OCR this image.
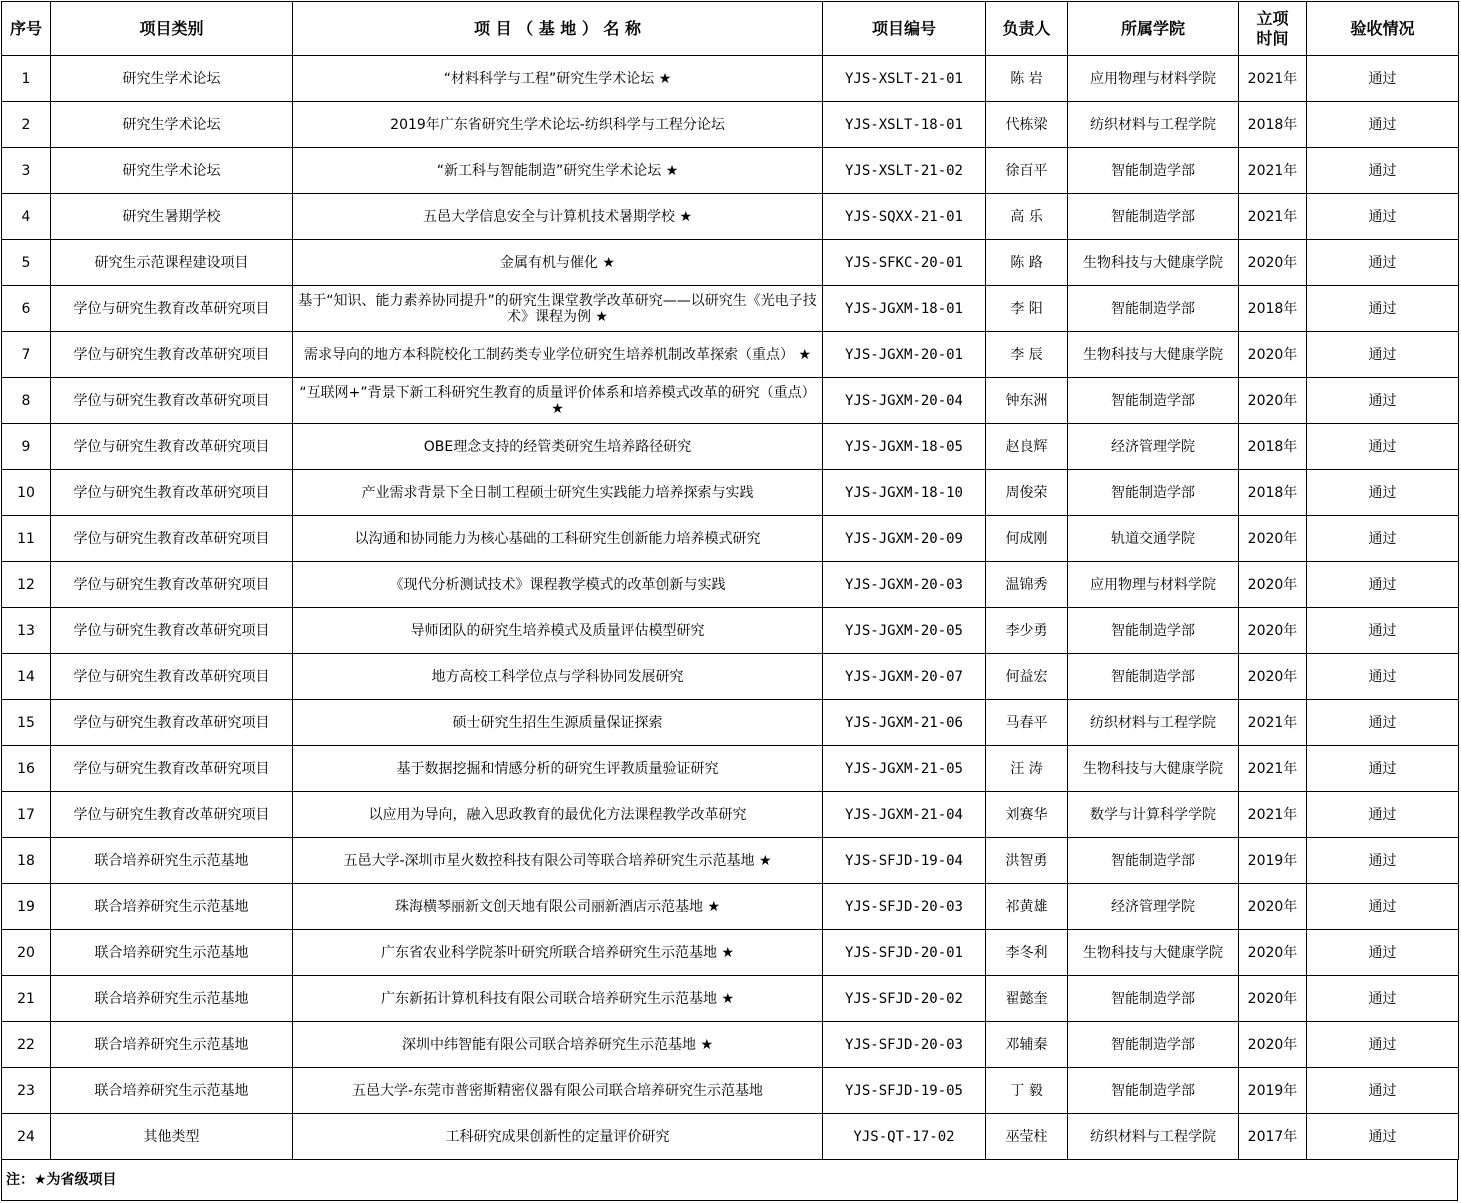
序号	项目类别	项 目 （ 基 地 ） 名 称	项目编号	负责人	所属学院	立项时间	验收情况
1	研究生学术论坛	“材料科学与工程”研究生学术论坛 ★	YJS-XSLT-21-01	陈 岩	应用物理与材料学院	2021年	通过
2	研究生学术论坛	2019年广东省研究生学术论坛-纺织科学与工程分论坛	YJS-XSLT-18-01	代栋梁	纺织材料与工程学院	2018年	通过
3	研究生学术论坛	“新工科与智能制造”研究生学术论坛 ★	YJS-XSLT-21-02	徐百平	智能制造学部	2021年	通过
4	研究生暑期学校	五邑大学信息安全与计算机技术暑期学校 ★	YJS-SQXX-21-01	高 乐	智能制造学部	2021年	通过
5	研究生示范课程建设项目	金属有机与催化 ★	YJS-SFKC-20-01	陈 路	生物科技与大健康学院	2020年	通过
6	学位与研究生教育改革研究项目	基于“知识、能力素养协同提升”的研究生课堂教学改革研究——以研究生《光电子技术》课程为例 ★	YJS-JGXM-18-01	李 阳	智能制造学部	2018年	通过
7	学位与研究生教育改革研究项目	需求导向的地方本科院校化工制药类专业学位研究生培养机制改革探索（重点） ★	YJS-JGXM-20-01	李 辰	生物科技与大健康学院	2020年	通过
8	学位与研究生教育改革研究项目	“互联网+”背景下新工科研究生教育的质量评价体系和培养模式改革的研究（重点） ★	YJS-JGXM-20-04	钟东洲	智能制造学部	2020年	通过
9	学位与研究生教育改革研究项目	OBE理念支持的经管类研究生培养路径研究	YJS-JGXM-18-05	赵良辉	经济管理学院	2018年	通过
10	学位与研究生教育改革研究项目	产业需求背景下全日制工程硕士研究生实践能力培养探索与实践	YJS-JGXM-18-10	周俊荣	智能制造学部	2018年	通过
11	学位与研究生教育改革研究项目	以沟通和协同能力为核心基础的工科研究生创新能力培养模式研究	YJS-JGXM-20-09	何成刚	轨道交通学院	2020年	通过
12	学位与研究生教育改革研究项目	《现代分析测试技术》课程教学模式的改革创新与实践	YJS-JGXM-20-03	温锦秀	应用物理与材料学院	2020年	通过
13	学位与研究生教育改革研究项目	导师团队的研究生培养模式及质量评估模型研究	YJS-JGXM-20-05	李少勇	智能制造学部	2020年	通过
14	学位与研究生教育改革研究项目	地方高校工科学位点与学科协同发展研究	YJS-JGXM-20-07	何益宏	智能制造学部	2020年	通过
15	学位与研究生教育改革研究项目	硕士研究生招生生源质量保证探索	YJS-JGXM-21-06	马春平	纺织材料与工程学院	2021年	通过
16	学位与研究生教育改革研究项目	基于数据挖掘和情感分析的研究生评教质量验证研究	YJS-JGXM-21-05	汪 涛	生物科技与大健康学院	2021年	通过
17	学位与研究生教育改革研究项目	以应用为导向，融入思政教育的最优化方法课程教学改革研究	YJS-JGXM-21-04	刘赛华	数学与计算科学学院	2021年	通过
18	联合培养研究生示范基地	五邑大学-深圳市星火数控科技有限公司等联合培养研究生示范基地 ★	YJS-SFJD-19-04	洪智勇	智能制造学部	2019年	通过
19	联合培养研究生示范基地	珠海横琴丽新文创天地有限公司丽新酒店示范基地 ★	YJS-SFJD-20-03	祁黄雄	经济管理学院	2020年	通过
20	联合培养研究生示范基地	广东省农业科学院茶叶研究所联合培养研究生示范基地 ★	YJS-SFJD-20-01	李冬利	生物科技与大健康学院	2020年	通过
21	联合培养研究生示范基地	广东新拓计算机科技有限公司联合培养研究生示范基地 ★	YJS-SFJD-20-02	翟懿奎	智能制造学部	2020年	通过
22	联合培养研究生示范基地	深圳中纬智能有限公司联合培养研究生示范基地 ★	YJS-SFJD-20-03	邓辅秦	智能制造学部	2020年	通过
23	联合培养研究生示范基地	五邑大学-东莞市普密斯精密仪器有限公司联合培养研究生示范基地	YJS-SFJD-19-05	丁 毅	智能制造学部	2019年	通过
24	其他类型	工科研究成果创新性的定量评价研究	YJS-QT-17-02	巫莹柱	纺织材料与工程学院	2017年	通过
注：★为省级项目
